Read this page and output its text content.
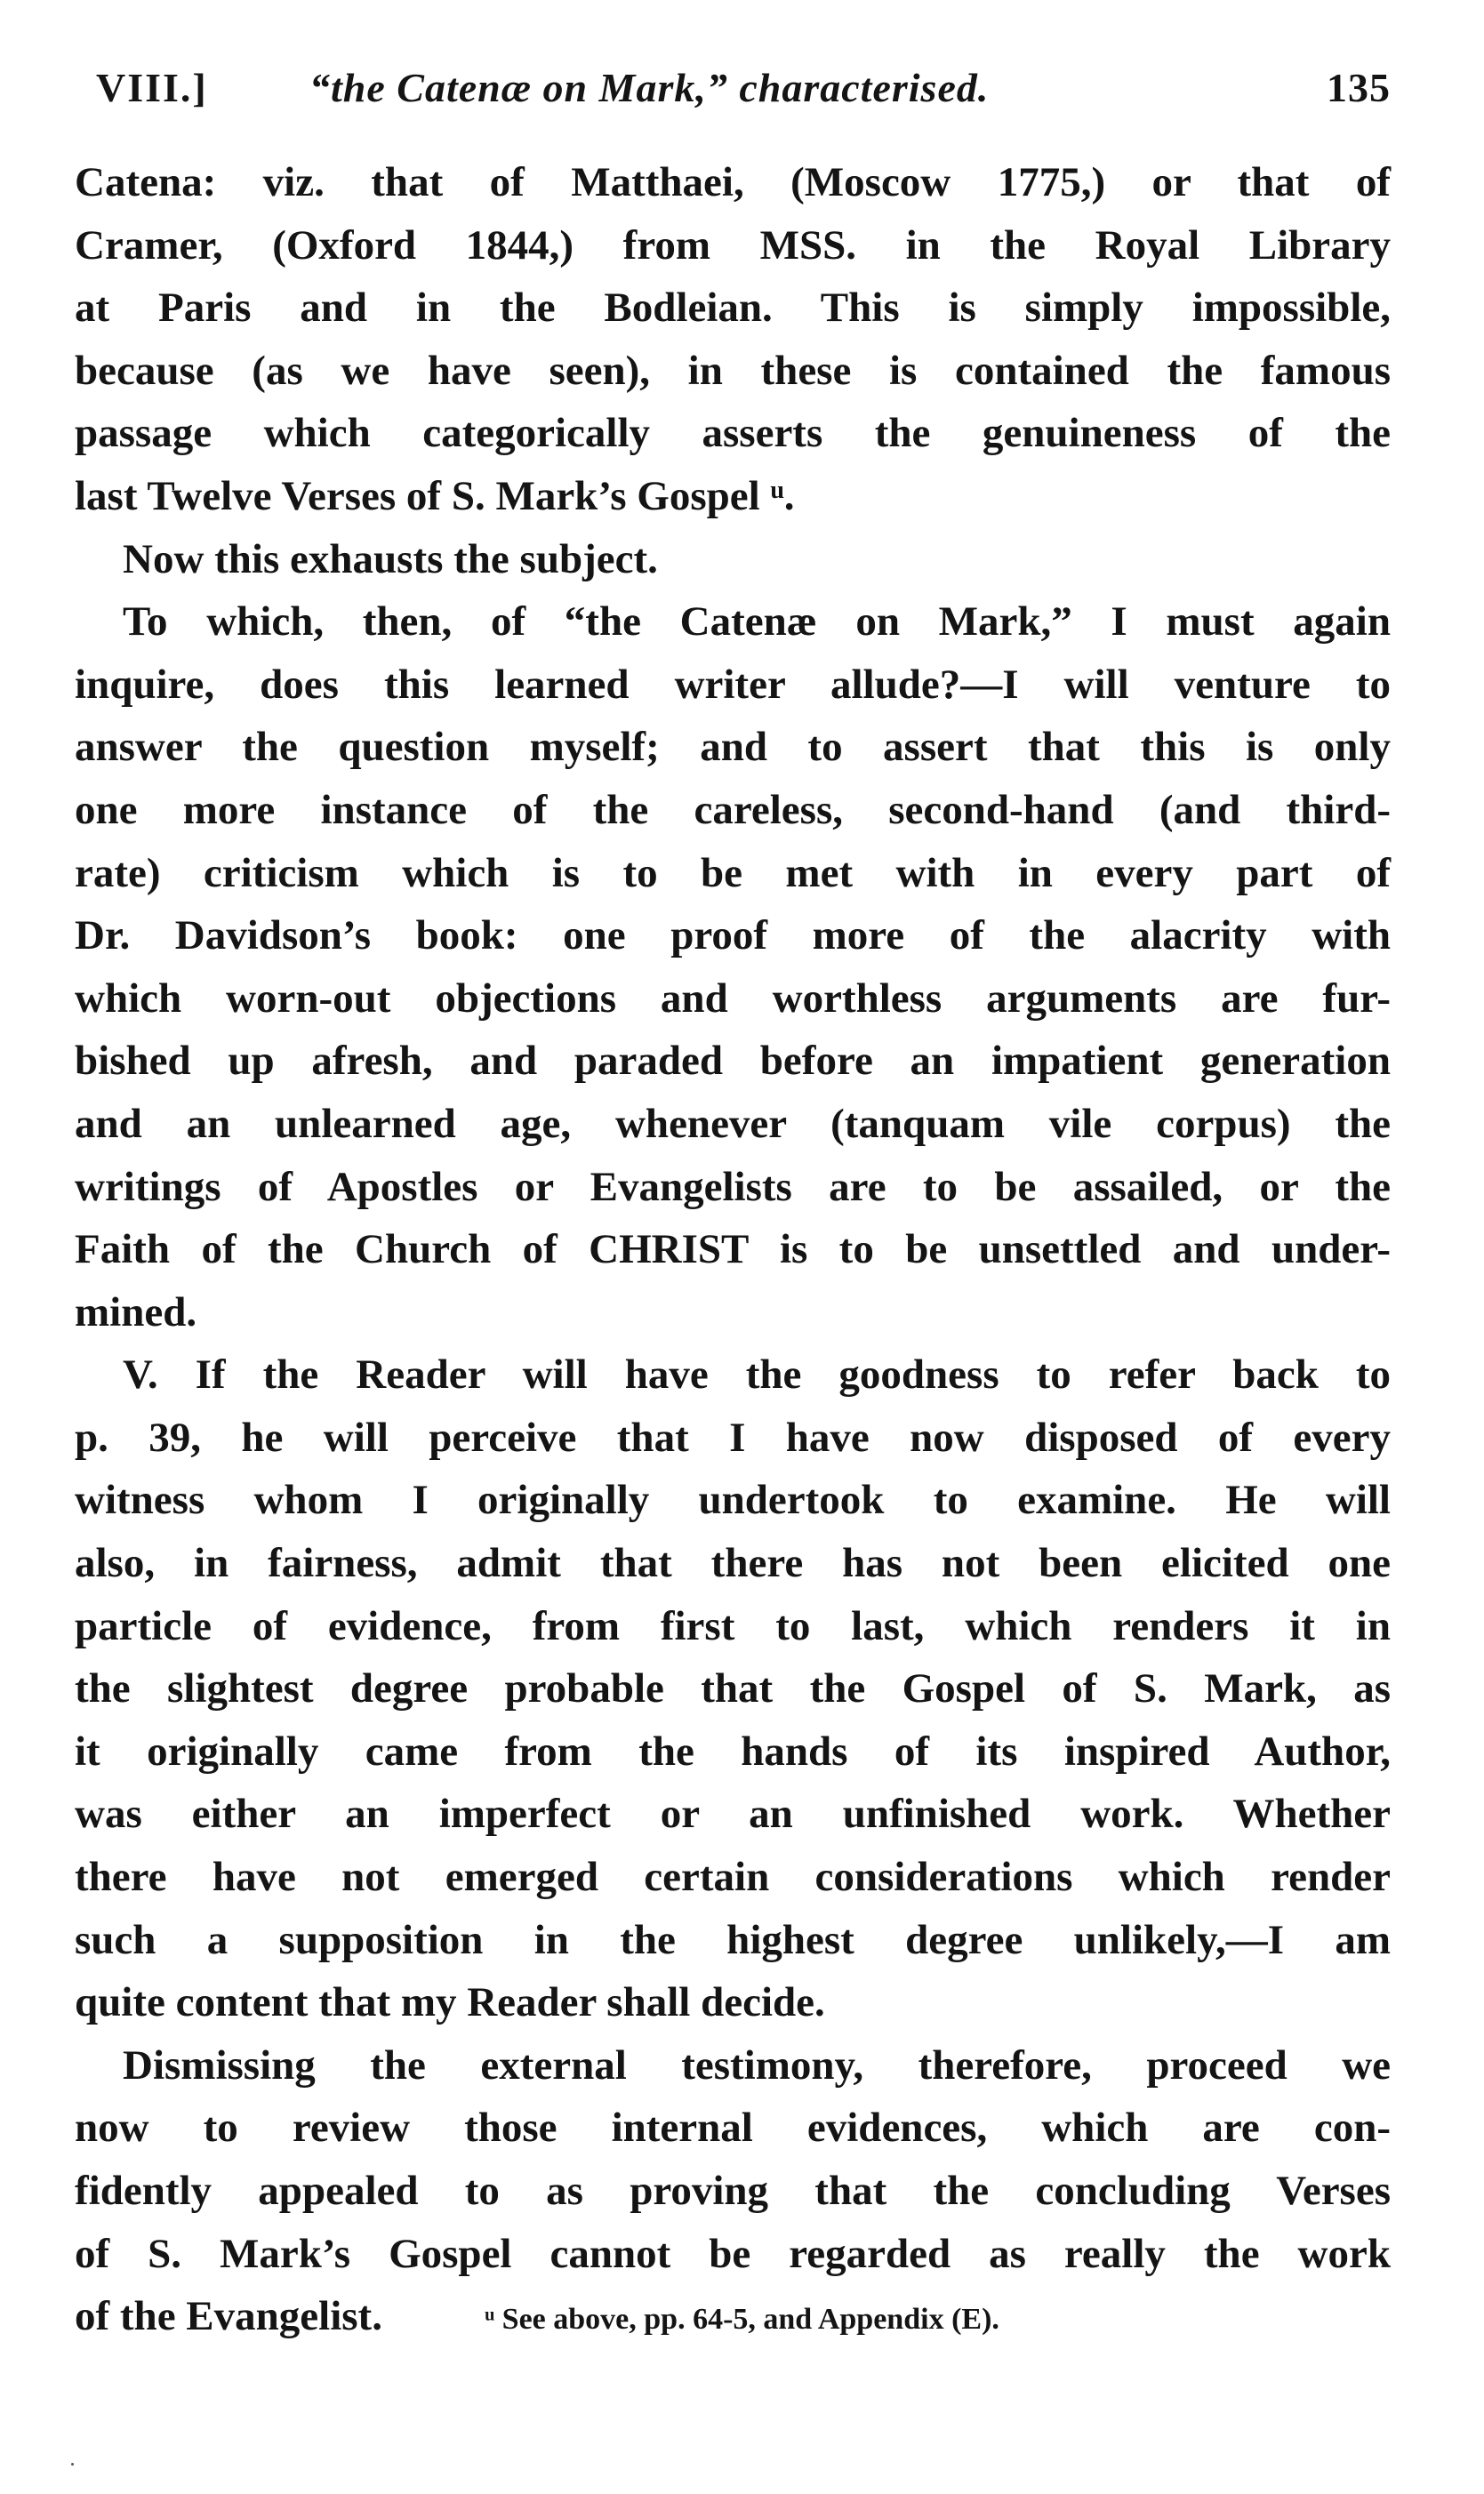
VIII.] “the Catenæ on Mark,” characterised.	135
Catena: viz. that of Matthaei, (Moscow 1775,) or that of
Cramer, (Oxford 1844,) from MSS. in the Royal Library
at Paris and in the Bodleian. This is simply impossible,
because (as we have seen), in these is contained the famous
passage which categorically asserts the genuineness of the
last Twelve Verses of S. Mark’s Gospel ᵘ.
Now this exhausts the subject.
To which, then, of “the Catenæ on Mark,” I must again
inquire, does this learned writer allude?—I will venture to
answer the question myself; and to assert that this is only
one more instance of the careless, second-hand (and third-
rate) criticism which is to be met with in every part of
Dr. Davidson’s book: one proof more of the alacrity with
which worn-out objections and worthless arguments are fur-
bished up afresh, and paraded before an impatient generation
and an unlearned age, whenever (tanquam vile corpus) the
writings of Apostles or Evangelists are to be assailed, or the
Faith of the Church of CHRIST is to be unsettled and under-
mined.
V. If the Reader will have the goodness to refer back to
p. 39, he will perceive that I have now disposed of every
witness whom I originally undertook to examine. He will
also, in fairness, admit that there has not been elicited one
particle of evidence, from first to last, which renders it in
the slightest degree probable that the Gospel of S. Mark, as
it originally came from the hands of its inspired Author,
was either an imperfect or an unfinished work. Whether
there have not emerged certain considerations which render
such a supposition in the highest degree unlikely,—I am
quite content that my Reader shall decide.
Dismissing the external testimony, therefore, proceed we
now to review those internal evidences, which are con-
fidently appealed to as proving that the concluding Verses
of S. Mark’s Gospel cannot be regarded as really the work
of the Evangelist.	ᵘ See above, pp. 64-5, and Appendix (E).
